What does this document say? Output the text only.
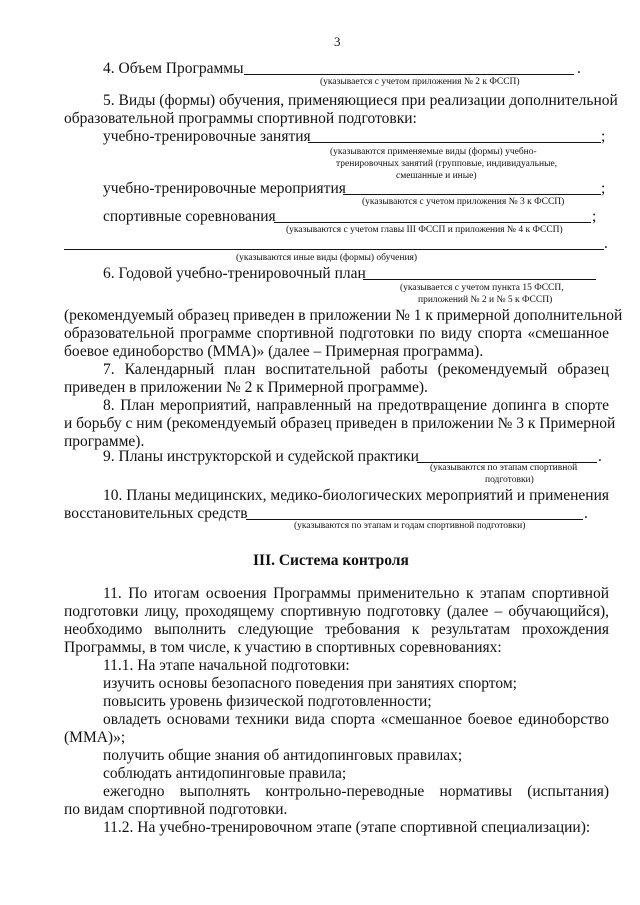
3
4. Объем Программы	.
(указывается с учетом приложения № 2 к ФССП)
5. Виды (формы) обучения, применяющиеся при реализации дополнительной
образовательной программы спортивной подготовки:
учебно-тренировочные занятия	;
(указываются применяемые виды (формы) учебно-
тренировочных занятий (групповые, индивидуальные,
смешанные и иные)
учебно-тренировочные мероприятия	;
(указываются с учетом приложения № 3 к ФССП)
спортивные соревнования	;
(указываются с учетом главы III ФССП и приложения № 4 к ФССП)
.
(указываются иные виды (формы) обучения)
6. Годовой учебно-тренировочный план
(указывается с учетом пункта 15 ФССП,
приложений № 2 и № 5 к ФССП)
(рекомендуемый образец приведен в приложении № 1 к примерной дополнительной
образовательной программе спортивной подготовки по виду спорта «смешанное
боевое единоборство (ММА)» (далее – Примерная программа).
7. Календарный план воспитательной работы (рекомендуемый образец
приведен в приложении № 2 к Примерной программе).
8. План мероприятий, направленный на предотвращение допинга в спорте
и борьбу с ним (рекомендуемый образец приведен в приложении № 3 к Примерной
программе).
9. Планы инструкторской и судейской практики	.
(указываются по этапам спортивной
подготовки)
10. Планы медицинских, медико-биологических мероприятий и применения
восстановительных средств	.
(указываются по этапам и годам спортивной подготовки)
III. Система контроля
11. По итогам освоения Программы применительно к этапам спортивной
подготовки лицу, проходящему спортивную подготовку (далее – обучающийся),
необходимо выполнить следующие требования к результатам прохождения
Программы, в том числе, к участию в спортивных соревнованиях:
11.1. На этапе начальной подготовки:
изучить основы безопасного поведения при занятиях спортом;
повысить уровень физической подготовленности;
овладеть основами техники вида спорта «смешанное боевое единоборство
(ММА)»;
получить общие знания об антидопинговых правилах;
соблюдать антидопинговые правила;
ежегодно выполнять контрольно-переводные нормативы (испытания)
по видам спортивной подготовки.
11.2. На учебно-тренировочном этапе (этапе спортивной специализации):
